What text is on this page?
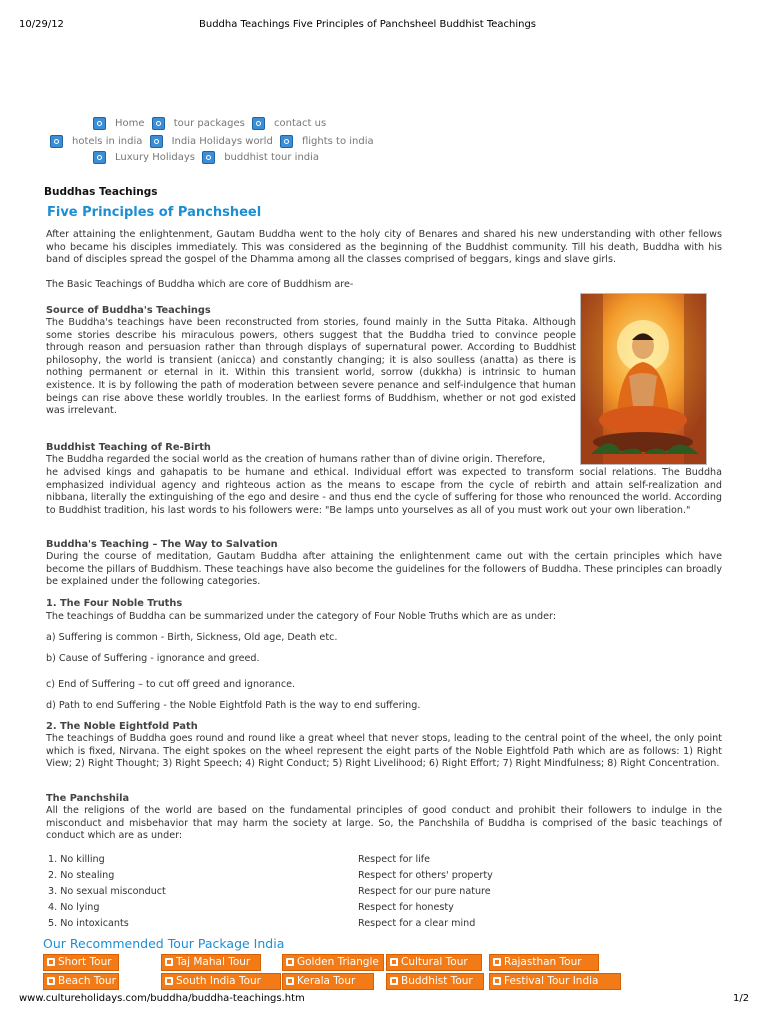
10/29/12	Buddha Teachings Five Principles of Panchsheel Buddhist Teachings
Home
	tour packages
	contact us
hotels in india
	India Holidays world
	flights to india
Luxury Holidays
	buddhist tour india
Buddhas Teachings
Five Principles of Panchsheel
After attaining the enlightenment, Gautam Buddha went to the holy city of Benares and shared his new understanding with other fellows who became his disciples immediately. This was considered as the beginning of the Buddhist community. Till his death, Buddha with his band of disciples spread the gospel of the Dhamma among all the classes comprised of beggars, kings and slave girls.
The Basic Teachings of Buddha which are core of Buddhism are-
Source of Buddha's Teachings
The Buddha's teachings have been reconstructed from stories, found mainly in the Sutta Pitaka. Although some stories describe his miraculous powers, others suggest that the Buddha tried to convince people through reason and persuasion rather than through displays of supernatural power. According to Buddhist philosophy, the world is transient (anicca) and constantly changing; it is also soulless (anatta) as there is nothing permanent or eternal in it. Within this transient world, sorrow (dukkha) is intrinsic to human existence. It is by following the path of moderation between severe penance and self-indulgence that human beings can rise above these worldly troubles. In the earliest forms of Buddhism, whether or not god existed was irrelevant.
Buddhist Teaching of Re-Birth
The Buddha regarded the social world as the creation of humans rather than of divine origin. Therefore,
he advised kings and gahapatis to be humane and ethical. Individual effort was expected to transform social relations. The Buddha emphasized individual agency and righteous action as the means to escape from the cycle of rebirth and attain self-realization and nibbana, literally the extinguishing of the ego and desire - and thus end the cycle of suffering for those who renounced the world. According to Buddhist tradition, his last words to his followers were: "Be lamps unto yourselves as all of you must work out your own liberation."
Buddha's Teaching – The Way to Salvation
During the course of meditation, Gautam Buddha after attaining the enlightenment came out with the certain principles which have become the pillars of Buddhism. These teachings have also become the guidelines for the followers of Buddha. These principles can broadly be explained under the following categories.
1. The Four Noble Truths
The teachings of Buddha can be summarized under the category of Four Noble Truths which are as under:
a) Suffering is common - Birth, Sickness, Old age, Death etc.
b) Cause of Suffering - ignorance and greed.
c) End of Suffering – to cut off greed and ignorance.
d) Path to end Suffering - the Noble Eightfold Path is the way to end suffering.
2. The Noble Eightfold Path
The teachings of Buddha goes round and round like a great wheel that never stops, leading to the central point of the wheel, the only point which is fixed, Nirvana. The eight spokes on the wheel represent the eight parts of the Noble Eightfold Path which are as follows: 1) Right View; 2) Right Thought; 3) Right Speech; 4) Right Conduct; 5) Right Livelihood; 6) Right Effort; 7) Right Mindfulness; 8) Right Concentration.
The Panchshila
All the religions of the world are based on the fundamental principles of good conduct and prohibit their followers to indulge in the misconduct and misbehavior that may harm the society at large. So, the Panchshila of Buddha is comprised of the basic teachings of conduct which are as under:
1. No killing	Respect for life
2. No stealing	Respect for others' property
3. No sexual misconduct	Respect for our pure nature
4. No lying	Respect for honesty
5. No intoxicants	Respect for a clear mind
Our Recommended Tour Package India
Short Tour	Taj Mahal Tour	Golden Triangle	Cultural Tour	Rajasthan Tour
Beach Tour	South India Tour	Kerala Tour	Buddhist Tour	Festival Tour India
www.cultureholidays.com/buddha/buddha-teachings.htm	1/2
